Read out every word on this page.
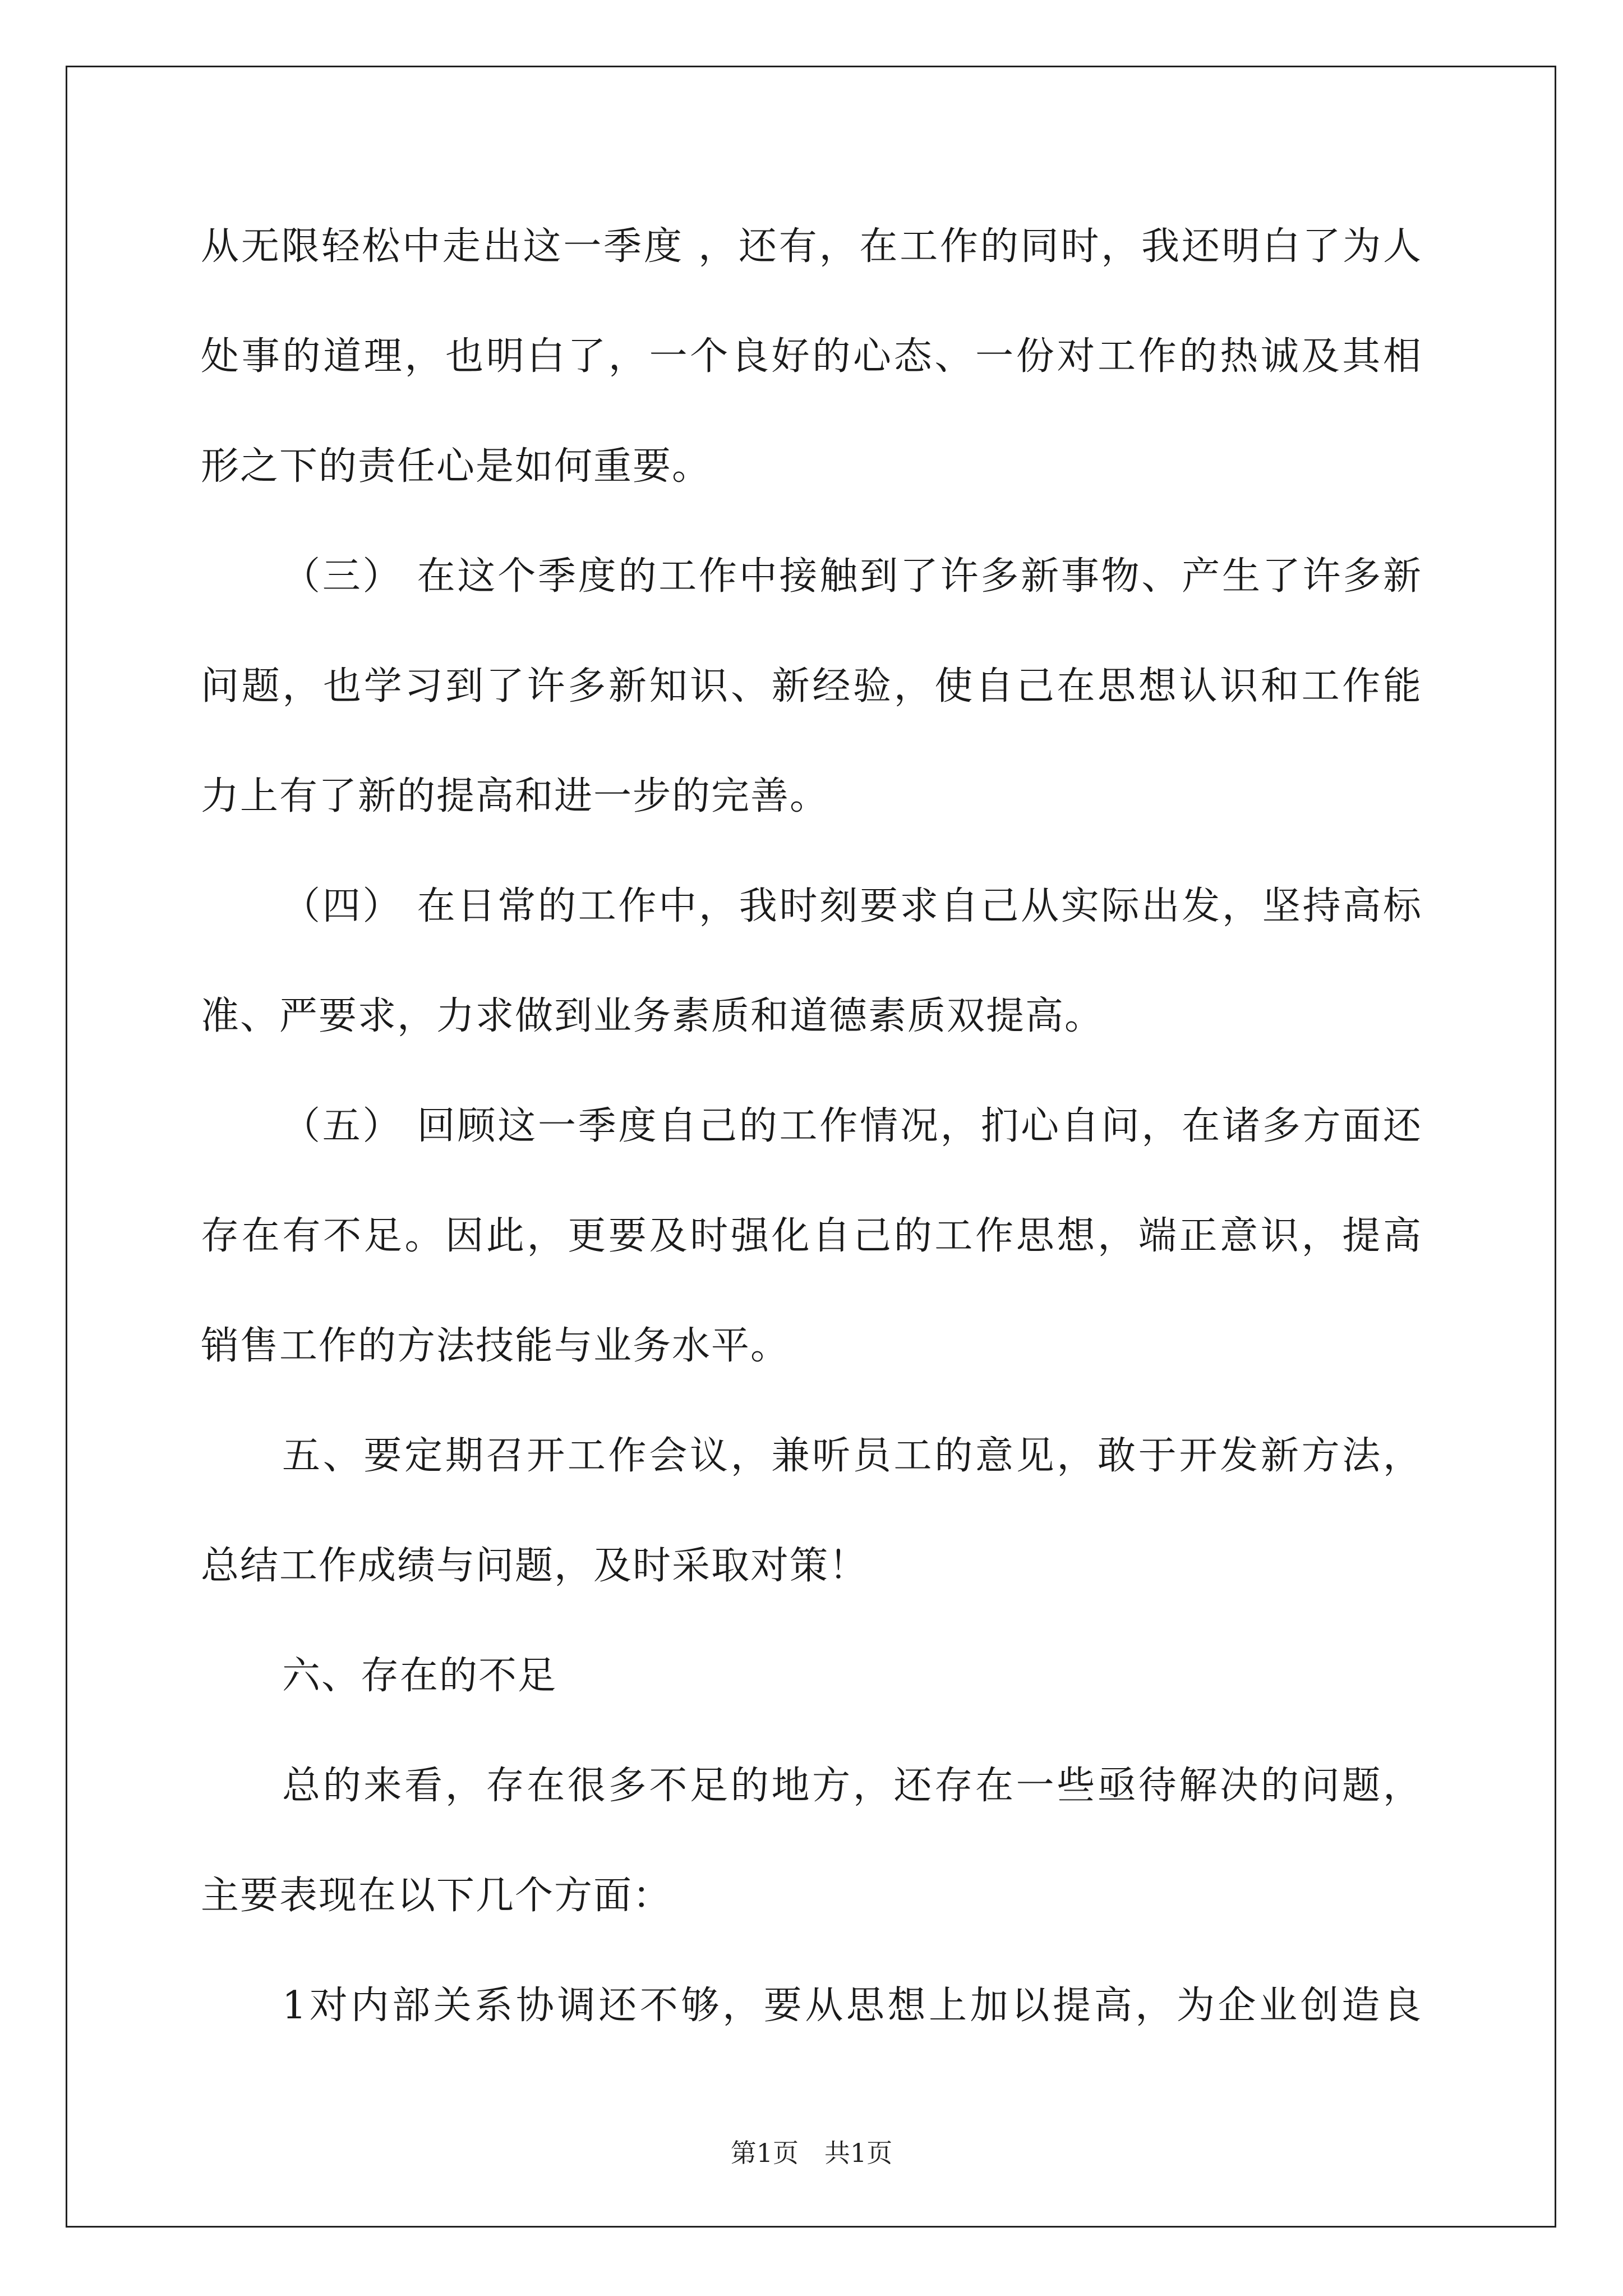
从无限轻松中走出这一季度 ，还有，在工作的同时，我还明白了为人
处事的道理，也明白了，一个良好的心态、一份对工作的热诚及其相
形之下的责任心是如何重要。
（三） 在这个季度的工作中接触到了许多新事物、产生了许多新
问题，也学习到了许多新知识、新经验，使自己在思想认识和工作能
力上有了新的提高和进一步的完善。
（四） 在日常的工作中，我时刻要求自己从实际出发，坚持高标
准、严要求，力求做到业务素质和道德素质双提高。
（五） 回顾这一季度自己的工作情况，扪心自问，在诸多方面还
存在有不足。因此，更要及时强化自己的工作思想，端正意识，提高
销售工作的方法技能与业务水平。
五、要定期召开工作会议，兼听员工的意见，敢于开发新方法，
总结工作成绩与问题，及时采取对策！
六、存在的不足
总的来看，存在很多不足的地方，还存在一些亟待解决的问题，
主要表现在以下几个方面：
1对内部关系协调还不够，要从思想上加以提高，为企业创造良
第1页　共1页
